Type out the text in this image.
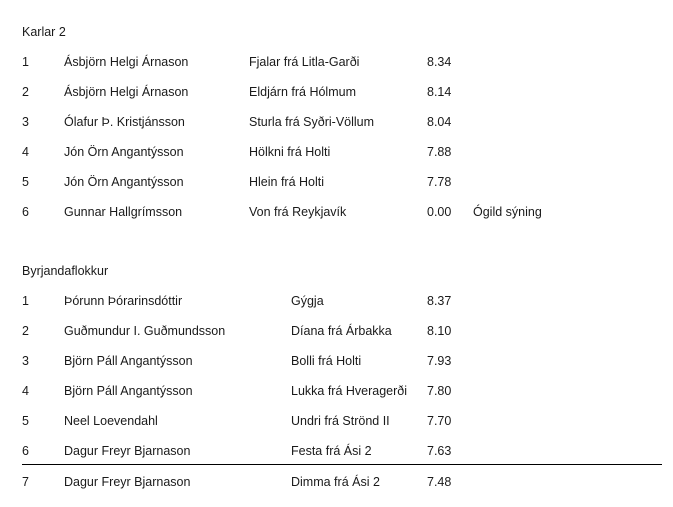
Karlar 2
1	Ásbjörn Helgi Árnason	Fjalar frá Litla-Garði	8.34
2	Ásbjörn Helgi Árnason	Eldjárn frá Hólmum	8.14
3	Ólafur Þ. Kristjánsson	Sturla frá Syðri-Völlum	8.04
4	Jón Örn Angantýsson	Hölkni frá Holti	7.88
5	Jón Örn Angantýsson	Hlein frá Holti	7.78
6	Gunnar Hallgrímsson	Von frá Reykjavík	0.00	Ógild sýning
Byrjandaflokkur
1	Þórunn Þórarinsdóttir	Gýgja	8.37
2	Guðmundur I. Guðmundsson	Díana frá Árbakka	8.10
3	Björn Páll Angantýsson	Bolli frá Holti	7.93
4	Björn Páll Angantýsson	Lukka frá Hveragerði	7.80
5	Neel Loevendahl	Undri frá Strönd II	7.70
6	Dagur Freyr Bjarnason	Festa frá Ási 2	7.63
7	Dagur Freyr Bjarnason	Dimma frá Ási 2	7.48
